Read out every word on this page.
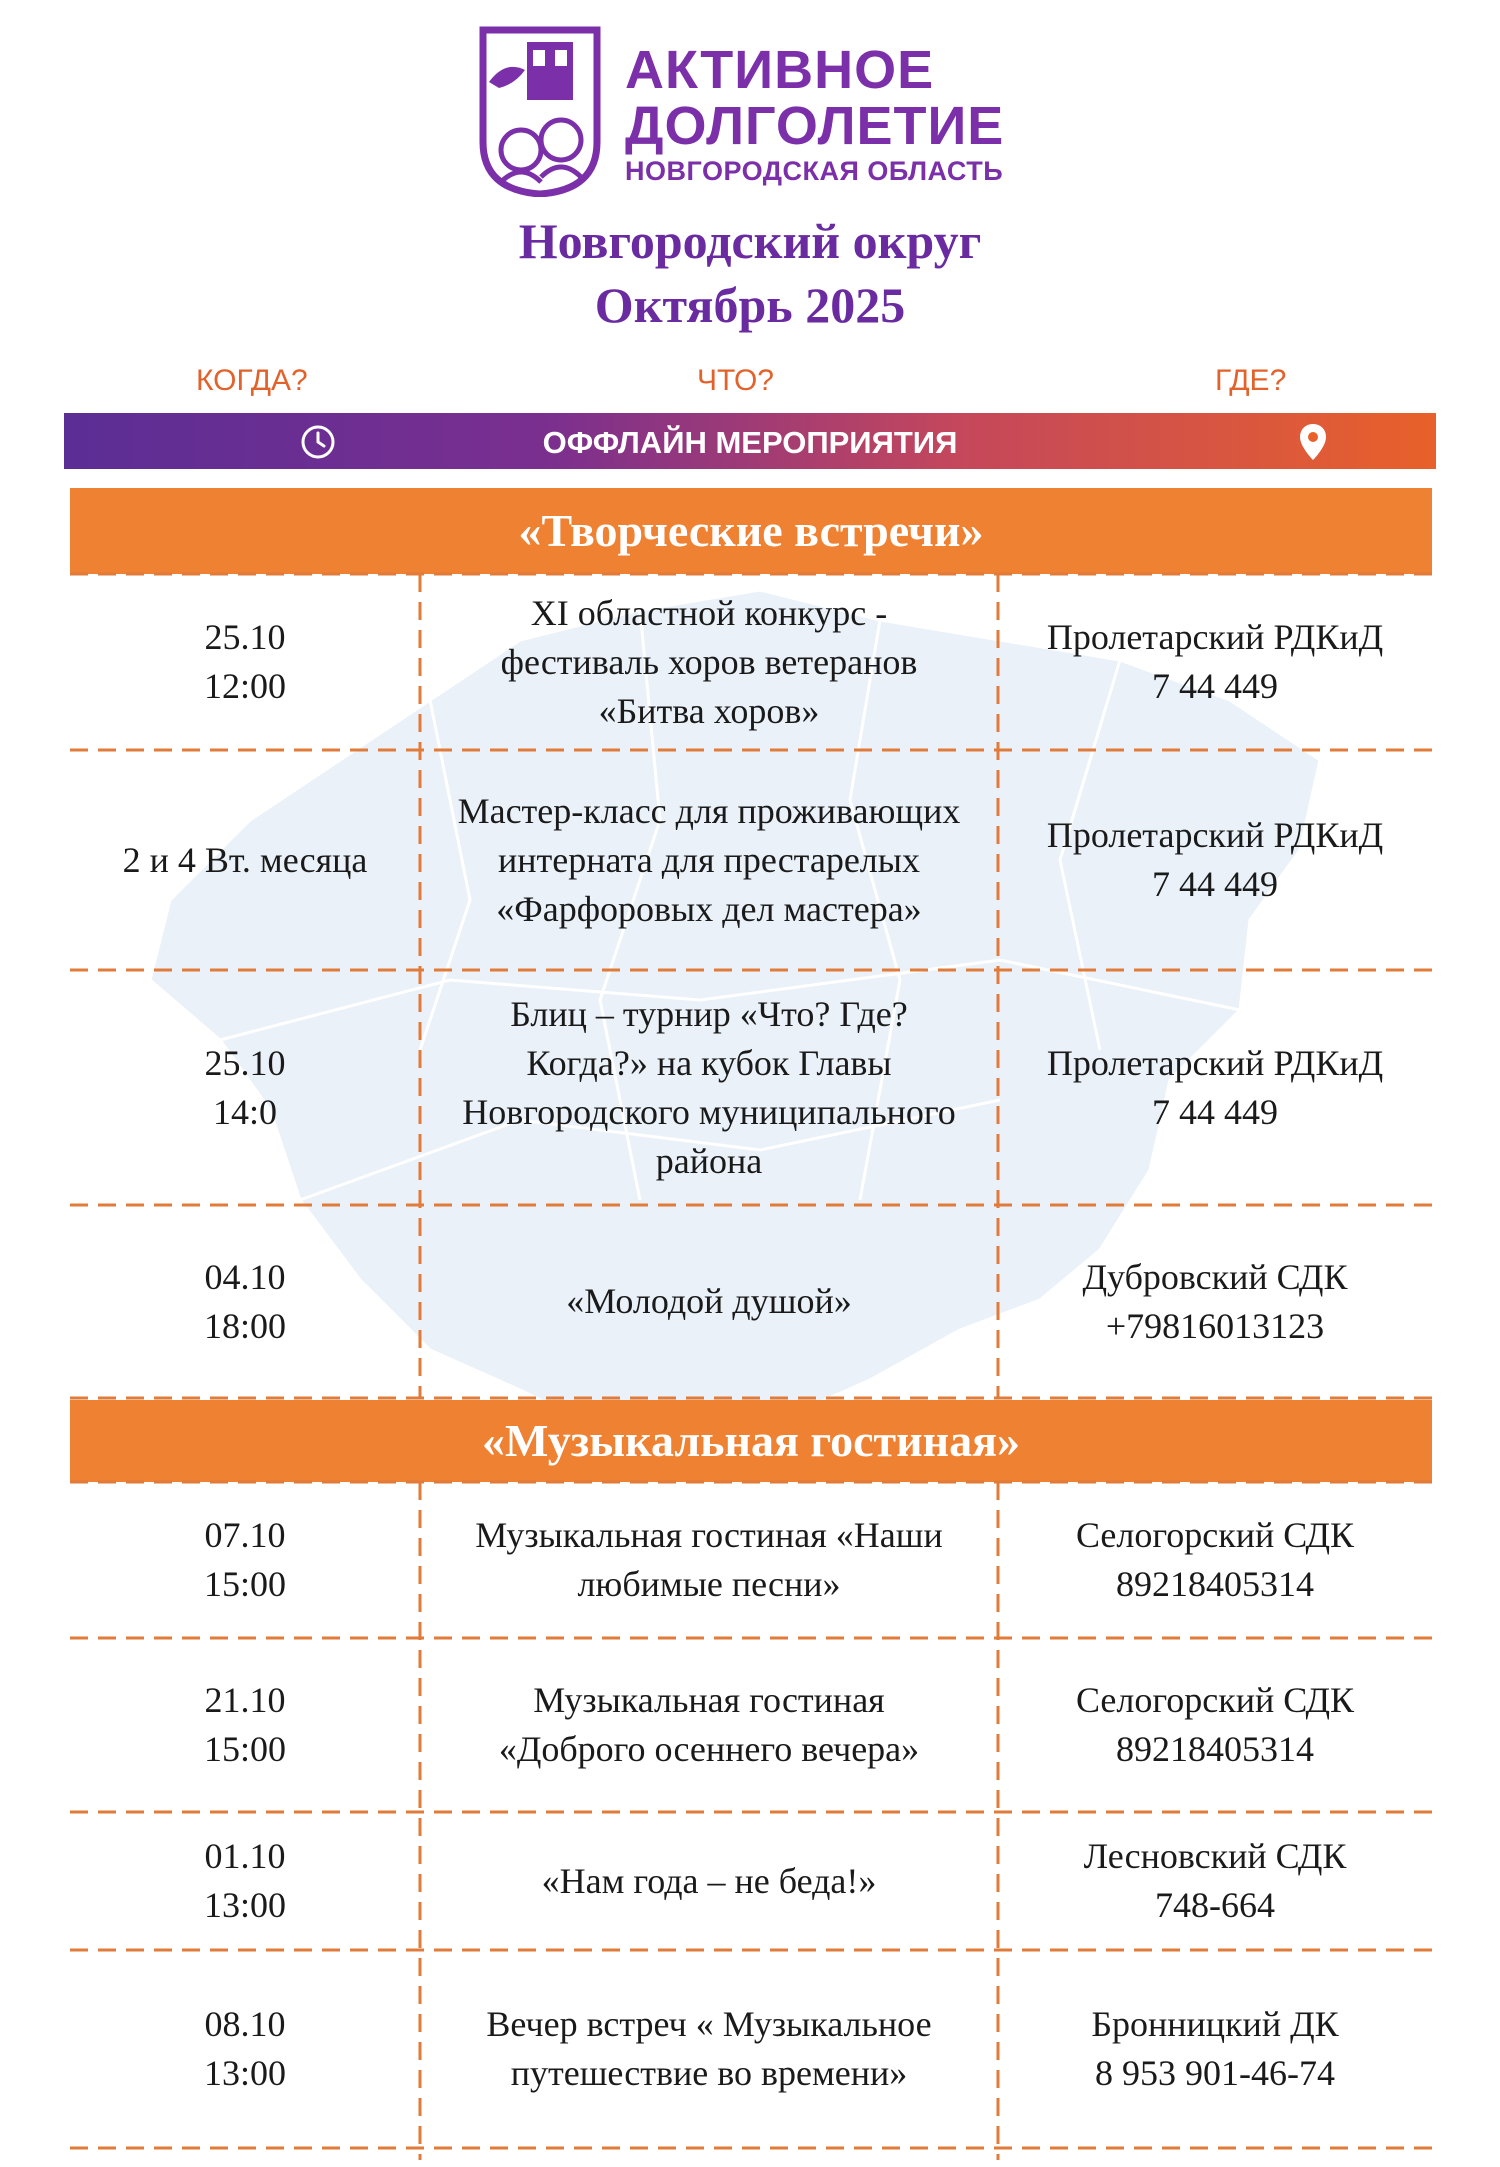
АКТИВНОЕ
ДОЛГОЛЕТИЕ
НОВГОРОДСКАЯ ОБЛАСТЬ
Новгородский округ
Октябрь 2025
КОГДА?	ЧТО?	ГДЕ?
ОФФЛАЙН МЕРОПРИЯТИЯ
«Творческие встречи»
«Музыкальная гостиная»
25.10
12:00
XI областной конкурс -
фестиваль хоров ветеранов
«Битва хоров»
Пролетарский РДКиД
7 44 449
2 и 4 Вт. месяца
Мастер-класс для проживающих
интерната для престарелых
«Фарфоровых дел мастера»
Пролетарский РДКиД
7 44 449
25.10
14:0
Блиц – турнир «Что? Где?
Когда?» на кубок Главы
Новгородского муниципального
района
Пролетарский РДКиД
7 44 449
04.10
18:00
«Молодой душой»
Дубровский СДК
+79816013123
07.10
15:00
Музыкальная гостиная «Наши
любимые песни»
Селогорский СДК
89218405314
21.10
15:00
Музыкальная гостиная
«Доброго осеннего вечера»
Селогорский СДК
89218405314
01.10
13:00
«Нам года – не беда!»
Лесновский СДК
748-664
08.10
13:00
Вечер встреч « Музыкальное
путешествие во времени»
Бронницкий ДК
8 953 901-46-74
